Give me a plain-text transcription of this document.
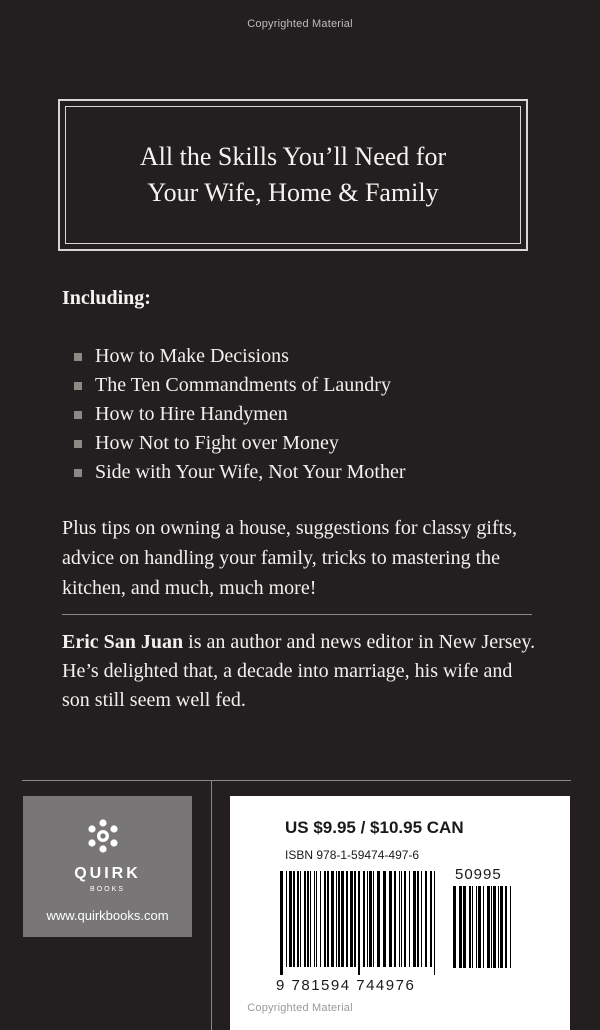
Copyrighted Material
All the Skills You’ll Need for
Your Wife, Home & Family
Including:
How to Make Decisions
The Ten Commandments of Laundry
How to Hire Handymen
How Not to Fight over Money
Side with Your Wife, Not Your Mother
Plus tips on owning a house, suggestions for classy gifts, advice on handling your family, tricks to mastering the kitchen, and much, much more!
Eric San Juan is an author and news editor in New Jersey. He’s delighted that, a decade into marriage, his wife and son still seem well fed.
QUIRK
BOOKS
www.quirkbooks.com
US $9.95 / $10.95 CAN
ISBN 978-1-59474-497-6
50995
9 781594 744976
Copyrighted Material
